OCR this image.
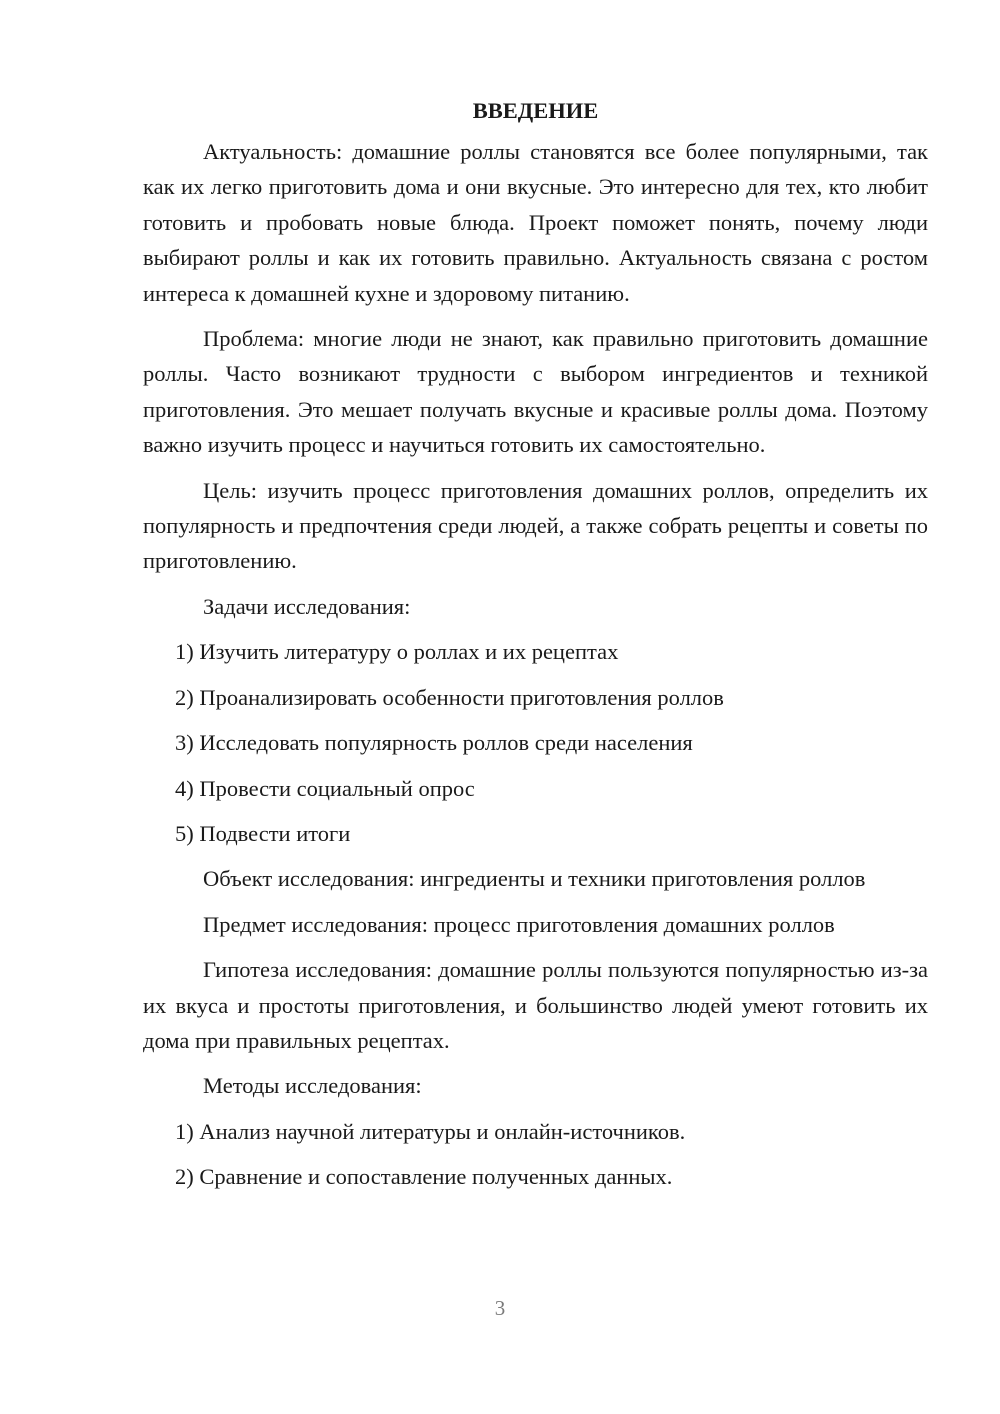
ВВЕДЕНИЕ

Актуальность: домашние роллы становятся все более популярными, так как их легко приготовить дома и они вкусные. Это интересно для тех, кто любит готовить и пробовать новые блюда. Проект поможет понять, почему люди выбирают роллы и как их готовить правильно. Актуальность связана с ростом интереса к домашней кухне и здоровому питанию.

Проблема: многие люди не знают, как правильно приготовить домашние роллы. Часто возникают трудности с выбором ингредиентов и техникой приготовления. Это мешает получать вкусные и красивые роллы дома. Поэтому важно изучить процесс и научиться готовить их самостоятельно.

Цель: изучить процесс приготовления домашних роллов, определить их популярность и предпочтения среди людей, а также собрать рецепты и советы по приготовлению.

Задачи исследования:

1) Изучить литературу о роллах и их рецептах

2) Проанализировать особенности приготовления роллов

3) Исследовать популярность роллов среди населения

4) Провести социальный опрос

5) Подвести итоги

Объект исследования: ингредиенты и техники приготовления роллов

Предмет исследования: процесс приготовления домашних роллов

Гипотеза исследования: домашние роллы пользуются популярностью из-за их вкуса и простоты приготовления, и большинство людей умеют готовить их дома при правильных рецептах.

Методы исследования:

1) Анализ научной литературы и онлайн-источников.

2) Сравнение и сопоставление полученных данных.

3
